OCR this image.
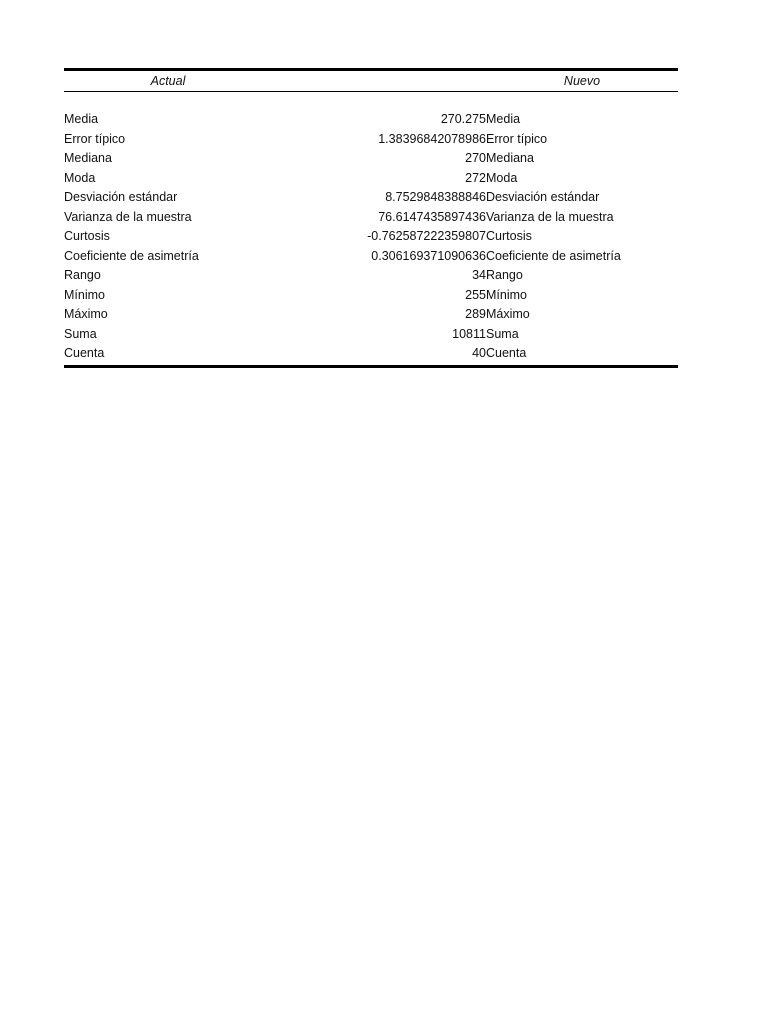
Actual	Nuevo
Media	270.275 Media
Error típico	1.38396842078986 Error típico
Mediana	270 Mediana
Moda	272 Moda
Desviación estándar	8.7529848388846 Desviación estándar
Varianza de la muestra	76.6147435897436 Varianza de la muestra
Curtosis	-0.762587222359807 Curtosis
Coeficiente de asimetría	0.306169371090636 Coeficiente de asimetría
Rango	34 Rango
Mínimo	255 Mínimo
Máximo	289 Máximo
Suma	10811 Suma
Cuenta	40 Cuenta
